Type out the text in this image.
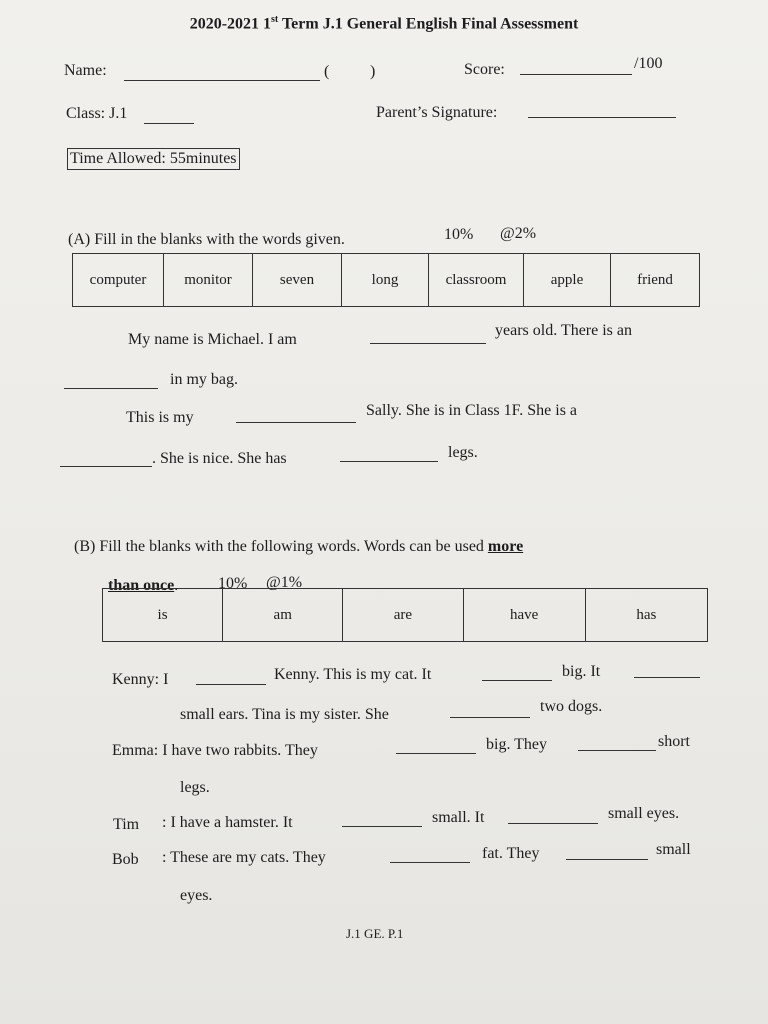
2020-2021 1st Term J.1 General English Final Assessment
Name:	(	)	Score:	/100
Class: J.1	Parent’s Signature:
Time Allowed: 55minutes
(A) Fill in the blanks with the words given.	10% @2%
computer	monitor	seven	long	classroom	apple	friend
My name is Michael. I am
years old. There is an
in my bag.
This is my	Sally. She is in Class 1F. She is a
. She is nice. She has	legs.
(B) Fill the blanks with the following words. Words can be used more
than once. 10% @1%
is	am	are	have	has
Kenny: I	Kenny. This is my cat. It	big. It
small ears. Tina is my sister. She	two dogs.
Emma: I have two rabbits. They	big. They	short
legs.
Tim : I have a hamster. It	small. It	small eyes.
Bob : These are my cats. They	fat. They	small
eyes.
J.1 GE. P.1
